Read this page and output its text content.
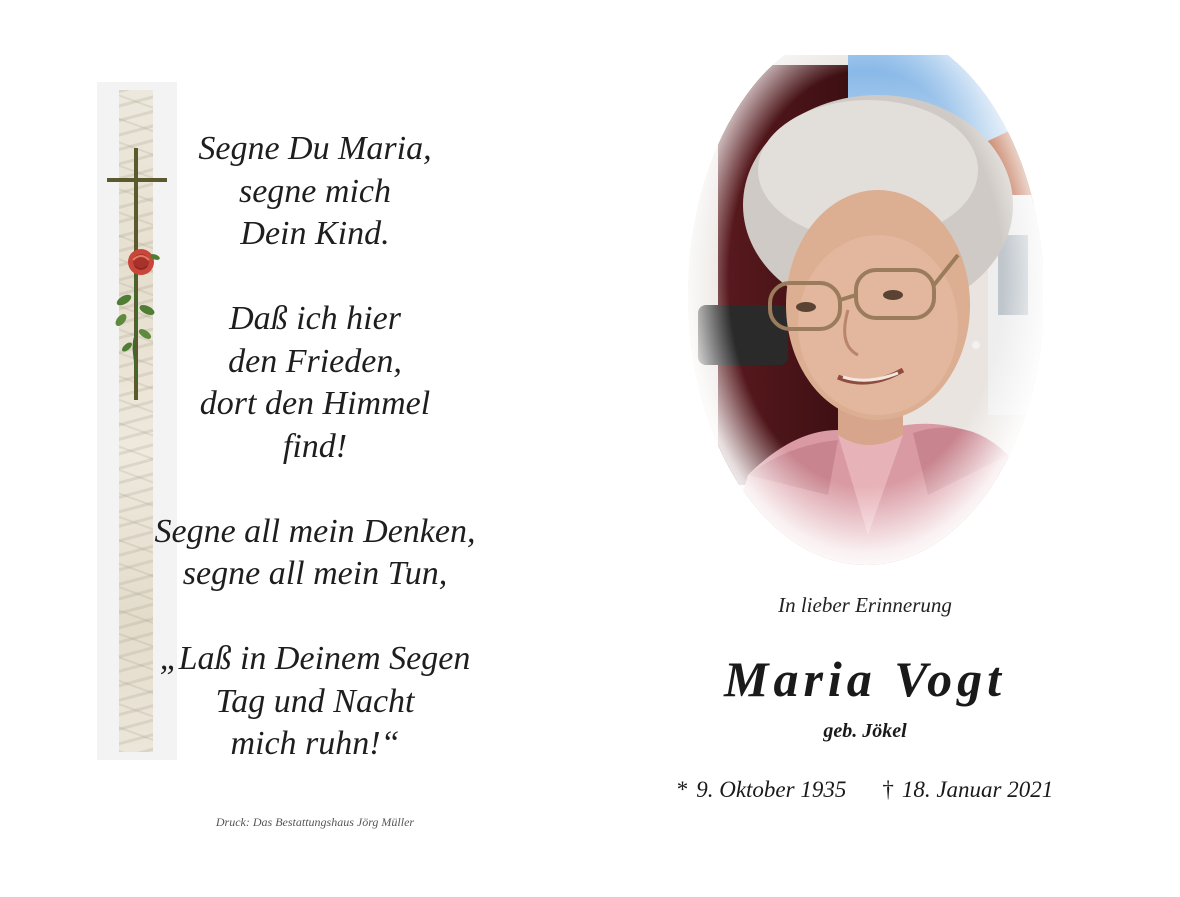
Segne Du Maria,
segne mich
Dein Kind.
Daß ich hier
den Frieden,
dort den Himmel
find!
Segne all mein Denken,
segne all mein Tun,
„Laß in Deinem Segen
Tag und Nacht
mich ruhn!“
Druck: Das Bestattungshaus Jörg Müller
In lieber Erinnerung
Maria Vogt
geb. Jökel
* 9. Oktober 1935 † 18. Januar 2021
